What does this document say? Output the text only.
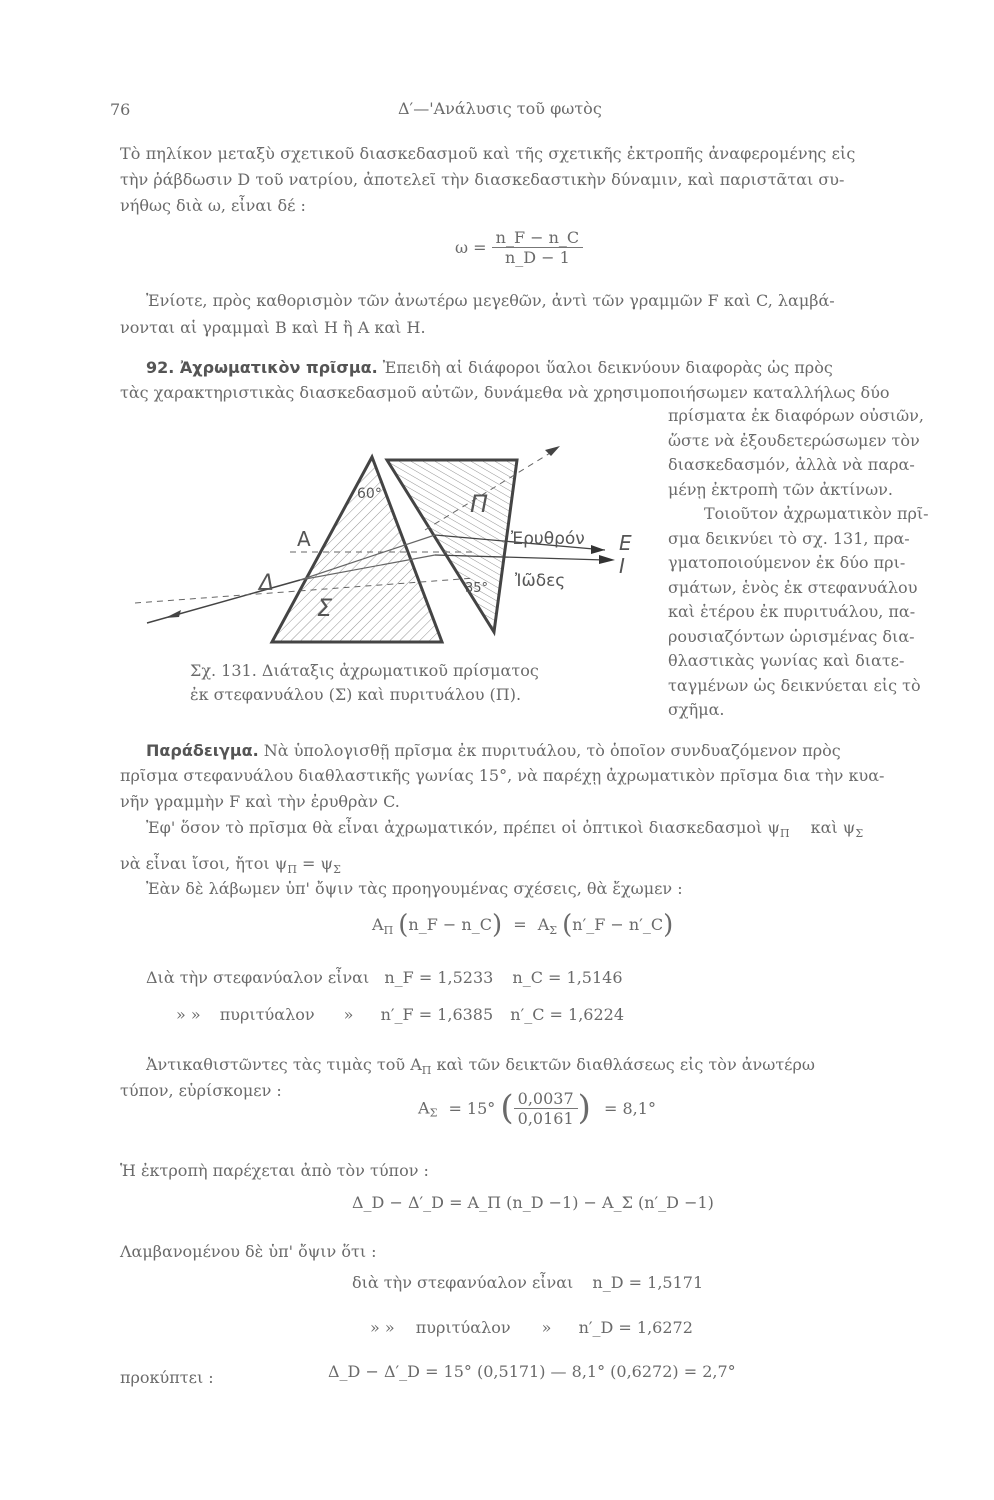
76	Δ′—'Ανάλυσις τοῦ φωτὸς
Τὸ πηλίκον μεταξὺ σχετικοῦ διασκεδασμοῦ καὶ τῆς σχετικῆς ἐκτροπῆς ἀναφερομένης εἰς
τὴν ῥάβδωσιν D τοῦ νατρίου, ἀποτελεῖ τὴν διασκεδαστικὴν δύναμιν, καὶ παριστᾶται συ-
νήθως διὰ ω, εἶναι δέ :
$\omega = \frac{n\_F - n\_C}{n\_D - 1}$
Ἐνίοτε, πρὸς καθορισμὸν τῶν ἀνωτέρω μεγεθῶν, ἀντὶ τῶν γραμμῶν F καὶ C, λαμβά-
νονται αἱ γραμμαὶ B καὶ H ἢ A καὶ H.
92. Ἀχρωματικὸν πρῖσμα. Ἐπειδὴ αἱ διάφοροι ὕαλοι δεικνύουν διαφορὰς ὡς πρὸς
τὰς χαρακτηριστικὰς διασκεδασμοῦ αὐτῶν, δυνάμεθα νὰ χρησιμοποιήσωμεν καταλλήλως δύο
πρίσματα ἐκ διαφόρων οὐσιῶν,
ὥστε νὰ ἐξουδετερώσωμεν τὸν
διασκεδασμόν, ἀλλὰ νὰ παρα-
μένῃ ἐκτροπὴ τῶν ἀκτίνων.
Τοιοῦτον ἀχρωματικὸν πρῖ-
σμα δεικνύει τὸ σχ. 131, πρα-
γματοποιούμενον ἐκ δύο πρι-
σμάτων, ἑνὸς ἐκ στεφανυάλου
καὶ ἑτέρου ἐκ πυριτυάλου, πα-
ρουσιαζόντων ὡρισμένας δια-
θλαστικὰς γωνίας καὶ διατε-
ταγμένων ὡς δεικνύεται εἰς τὸ
σχῆμα.
60°	Π
A
Δ
Σ
35°
Ἐρυθρόν
Ἰῶδες
E
I
Σχ. 131. Διάταξις ἀχρωματικοῦ πρίσματος
ἐκ στεφανυάλου (Σ) καὶ πυριτυάλου (Π).
Παράδειγμα. Νὰ ὑπολογισθῇ πρῖσμα ἐκ πυριτυάλου, τὸ ὁποῖον συνδυαζόμενον πρὸς
πρῖσμα στεφανυάλου διαθλαστικῆς γωνίας 15°, νὰ παρέχῃ ἀχρωματικὸν πρῖσμα δια τὴν κυα-
νῆν γραμμὴν F καὶ τὴν ἐρυθρὰν C.
Ἐφ' ὅσον τὸ πρῖσμα θὰ εἶναι ἀχρωματικόν, πρέπει οἱ ὀπτικοὶ διασκεδασμοὶ $\psi_\Pi$ καὶ $\psi_\Sigma$
νὰ εἶναι ἴσοι, ἤτοι $\psi_\Pi = \psi_\Sigma$
Ἐὰν δὲ λάβωμεν ὑπ' ὄψιν τὰς προηγουμένας σχέσεις, θὰ ἔχωμεν :
$A_\Pi$ (n_F − n_C) = $A_\Sigma$ (n′_F − n′_C)
Διὰ τὴν στεφανύαλον εἶναι n_F = 1,5233 n_C = 1,5146
» » πυριτύαλον » n′_F = 1,6385 n′_C = 1,6224
Ἀντικαθιστῶντες τὰς τιμὰς τοῦ $A_\Pi$ καὶ τῶν δεικτῶν διαθλάσεως εἰς τὸν ἀνωτέρω
τύπον, εὑρίσκομεν :
$A_\Sigma = 15^\circ$ ( $\frac{0,0037}{0,0161}$ ) = 8,1°
Ἡ ἐκτροπὴ παρέχεται ἀπὸ τὸν τύπον :
Δ_D − Δ′_D = A_Π (n_D −1) − A_Σ (n′_D −1)
Λαμβανομένου δὲ ὑπ' ὄψιν ὅτι :
διὰ τὴν στεφανύαλον εἶναι n_D = 1,5171
» » πυριτύαλον » n′_D = 1,6272
προκύπτει :	Δ_D − Δ′_D = 15° (0,5171) — 8,1° (0,6272) = 2,7°
